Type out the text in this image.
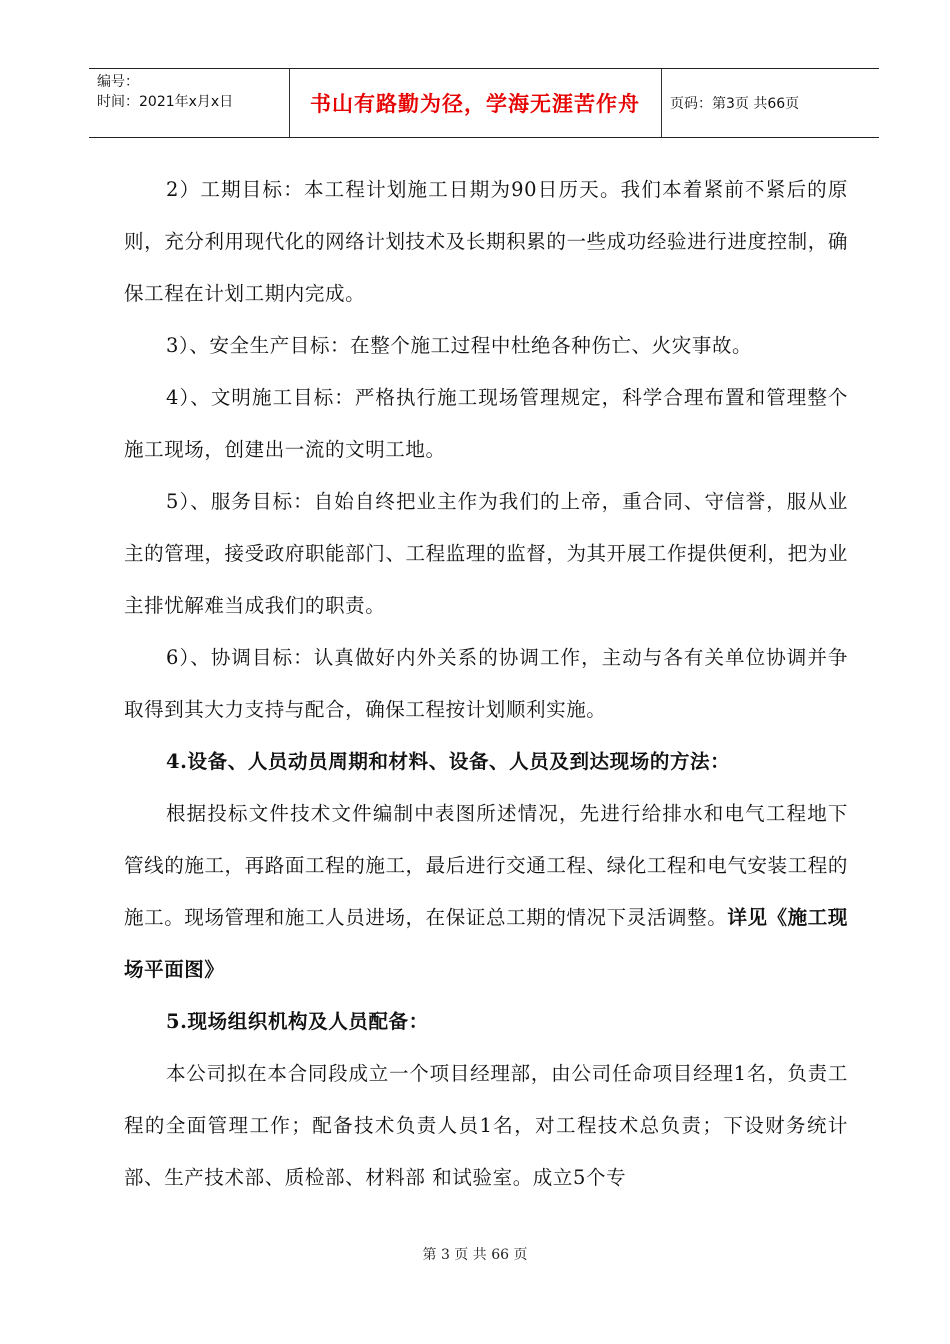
编号：
时间：2021年x月x日	书山有路勤为径，学海无涯苦作舟	页码：第3页 共66页

2）工期目标：本工程计划施工日期为90日历天。我们本着紧前不紧后的原则，充分利用现代化的网络计划技术及长期积累的一些成功经验进行进度控制，确保工程在计划工期内完成。

3）、安全生产目标：在整个施工过程中杜绝各种伤亡、火灾事故。

4）、文明施工目标：严格执行施工现场管理规定，科学合理布置和管理整个施工现场，创建出一流的文明工地。

5）、服务目标：自始自终把业主作为我们的上帝，重合同、守信誉，服从业主的管理，接受政府职能部门、工程监理的监督，为其开展工作提供便利，把为业主排忧解难当成我们的职责。

6）、协调目标：认真做好内外关系的协调工作，主动与各有关单位协调并争取得到其大力支持与配合，确保工程按计划顺利实施。

4.设备、人员动员周期和材料、设备、人员及到达现场的方法：

根据投标文件技术文件编制中表图所述情况，先进行给排水和电气工程地下管线的施工，再路面工程的施工，最后进行交通工程、绿化工程和电气安装工程的施工。现场管理和施工人员进场，在保证总工期的情况下灵活调整。详见《施工现场平面图》

5.现场组织机构及人员配备：

本公司拟在本合同段成立一个项目经理部，由公司任命项目经理1名，负责工程的全面管理工作；配备技术负责人员1名，对工程技术总负责；下设财务统计部、生产技术部、质检部、材料部 和试验室。成立5个专

第 3 页 共 66 页
